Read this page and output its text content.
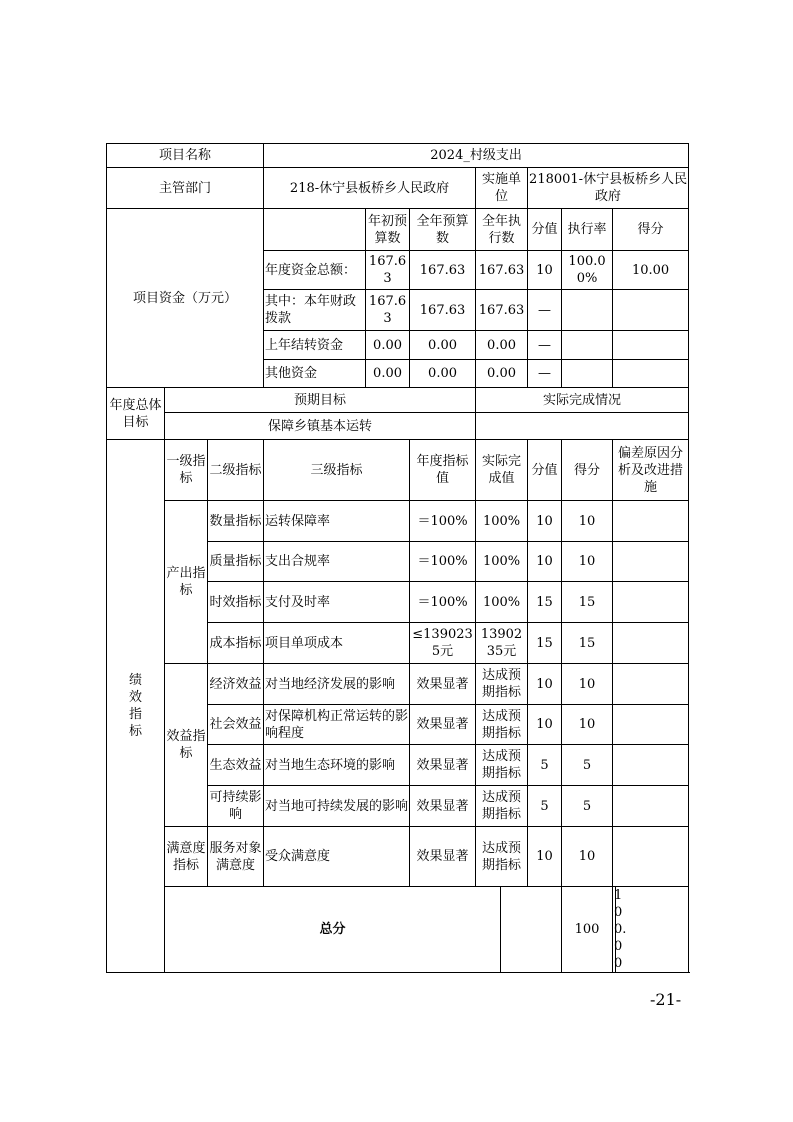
项目名称			2024_村级支出								
主管部门			218-休宁县板桥乡人民政府			实施单位		218001-休宁县板桥乡人民政府			
项目资金（万元）				年初预算数	全年预算数	全年执行数		分值	执行率	得分	
			年度资金总额：	167.63	167.63	167.63		10	100.00%	10.00	
			其中：本年财政拨款	167.63	167.63	167.63		—			
			上年结转资金	0.00	0.00	0.00		—			
			其他资金	0.00	0.00	0.00		—			
年度总体目标	预期目标					实际完成情况					
	保障乡镇基本运转										
绩效指标	一级指标	二级指标	三级指标		年度指标值	实际完成值		分值	得分	偏差原因分析及改进措施	
	产出指标	数量指标	运转保障率		＝100%	100%		10	10		
		质量指标	支出合规率		＝100%	100%		10	10		
		时效指标	支付及时率		＝100%	100%		15	15		
		成本指标	项目单项成本		≤1390235元	1390235元		15	15		
	效益指标	经济效益	对当地经济发展的影响		效果显著	达成预期指标		10	10		
		社会效益	对保障机构正常运转的影响程度		效果显著	达成预期指标		10	10		
		生态效益	对当地生态环境的影响		效果显著	达成预期指标		5	5		
		可持续影响	对当地可持续发展的影响		效果显著	达成预期指标		5	5		
	满意度指标	服务对象满意度	受众满意度		效果显著	达成预期指标		10	10		
	总分								100	100.00	
-21-
